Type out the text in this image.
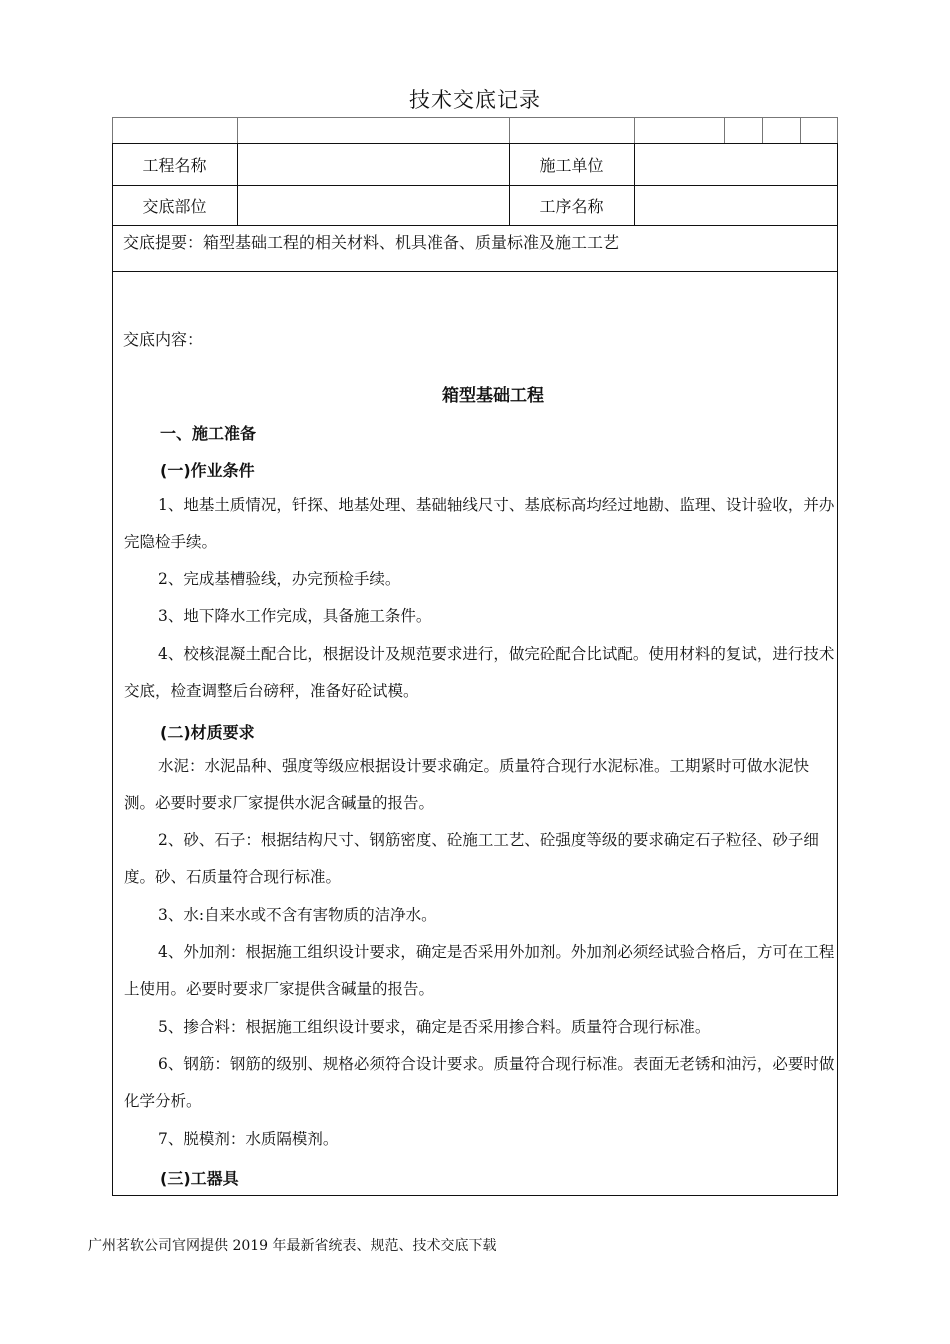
技术交底记录
工程名称	施工单位
交底部位	工序名称
交底提要：箱型基础工程的相关材料、机具准备、质量标准及施工工艺
交底内容：
箱型基础工程
一、施工准备
(一)作业条件
1、地基土质情况，钎探、地基处理、基础轴线尺寸、基底标高均经过地勘、监理、设计验收，并办完隐检手续。
2、完成基槽验线，办完预检手续。
3、地下降水工作完成，具备施工条件。
4、校核混凝土配合比，根据设计及规范要求进行，做完砼配合比试配。使用材料的复试，进行技术交底，检查调整后台磅秤，准备好砼试模。
(二)材质要求
水泥：水泥品种、强度等级应根据设计要求确定。质量符合现行水泥标准。工期紧时可做水泥快测。必要时要求厂家提供水泥含碱量的报告。
2、砂、石子：根据结构尺寸、钢筋密度、砼施工工艺、砼强度等级的要求确定石子粒径、砂子细度。砂、石质量符合现行标准。
3、水:自来水或不含有害物质的洁净水。
4、外加剂：根据施工组织设计要求，确定是否采用外加剂。外加剂必须经试验合格后，方可在工程上使用。必要时要求厂家提供含碱量的报告。
5、掺合料：根据施工组织设计要求，确定是否采用掺合料。质量符合现行标准。
6、钢筋：钢筋的级别、规格必须符合设计要求。质量符合现行标准。表面无老锈和油污，必要时做化学分析。
7、脱模剂：水质隔模剂。
(三)工器具
广州茗软公司官网提供 2019 年最新省统表、规范、技术交底下载
